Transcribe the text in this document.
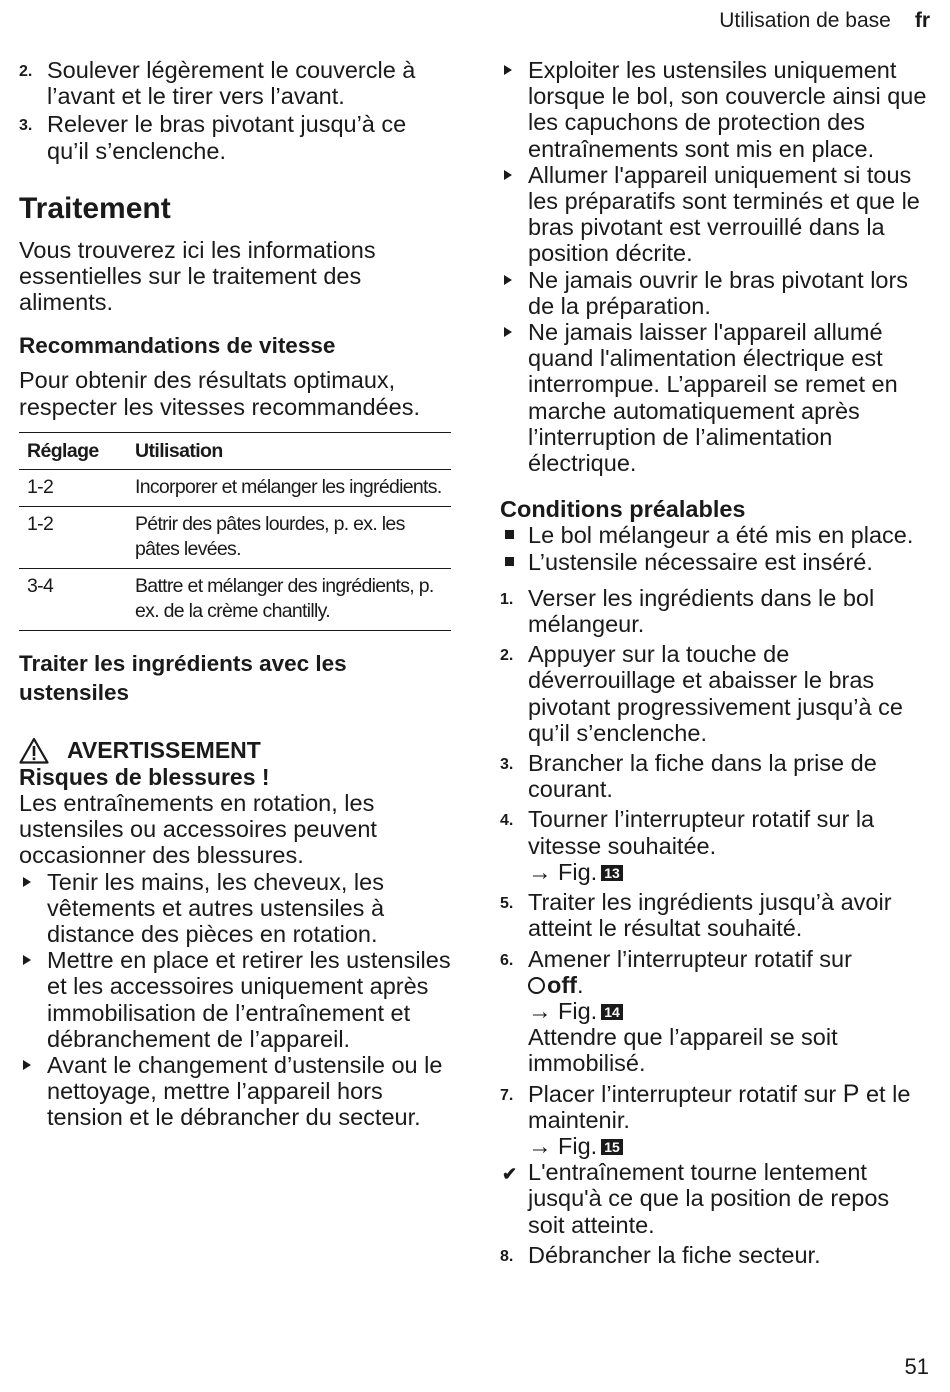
Utilisation de base fr
2. Soulever légèrement le couvercle à l’avant et le tirer vers l’avant.
3. Relever le bras pivotant jusqu’à ce qu’il s’enclenche.
Traitement

Vous trouverez ici les informations essentielles sur le traitement des aliments.

Recommandations de vitesse

Pour obtenir des résultats optimaux, respecter les vitesses recommandées.

Réglage	Utilisation
1-2	Incorporer et mélanger les ingrédients.
1-2	Pétrir des pâtes lourdes, p. ex. les pâtes levées.
3-4	Battre et mélanger des ingrédients, p. ex. de la crème chantilly.
Traiter les ingrédients avec les ustensiles
AVERTISSEMENT
Risques de blessures !

Les entraînements en rotation, les ustensiles ou accessoires peuvent occasionner des blessures.

Tenir les mains, les cheveux, les vêtements et autres ustensiles à distance des pièces en rotation.
Mettre en place et retirer les ustensiles et les accessoires uniquement après immobilisation de l’entraînement et débranchement de l’appareil.
Avant le changement d’ustensile ou le nettoyage, mettre l’appareil hors tension et le débrancher du secteur.
Exploiter les ustensiles uniquement lorsque le bol, son couvercle ainsi que les capuchons de protection des entraînements sont mis en place.
Allumer l'appareil uniquement si tous les préparatifs sont terminés et que le bras pivotant est verrouillé dans la position décrite.
Ne jamais ouvrir le bras pivotant lors de la préparation.
Ne jamais laisser l'appareil allumé quand l'alimentation électrique est interrompue. L’appareil se remet en marche automatiquement après l’interruption de l’alimentation électrique.
Conditions préalables
Le bol mélangeur a été mis en place.
L’ustensile nécessaire est inséré.
1. Verser les ingrédients dans le bol mélangeur.
2. Appuyer sur la touche de déverrouillage et abaisser le bras pivotant progressivement jusqu’à ce qu’il s’enclenche.
3. Brancher la fiche dans la prise de courant.
4. Tourner l’interrupteur rotatif sur la vitesse souhaitée.
→ Fig. 13
5. Traiter les ingrédients jusqu’à avoir atteint le résultat souhaité.
6. Amener l’interrupteur rotatif sur
off.
→ Fig. 14
Attendre que l’appareil se soit immobilisé.
7. Placer l’interrupteur rotatif sur P et le maintenir.
→ Fig. 15
✔ L'entraînement tourne lentement jusqu'à ce que la position de repos soit atteinte.
8. Débrancher la fiche secteur.
51
